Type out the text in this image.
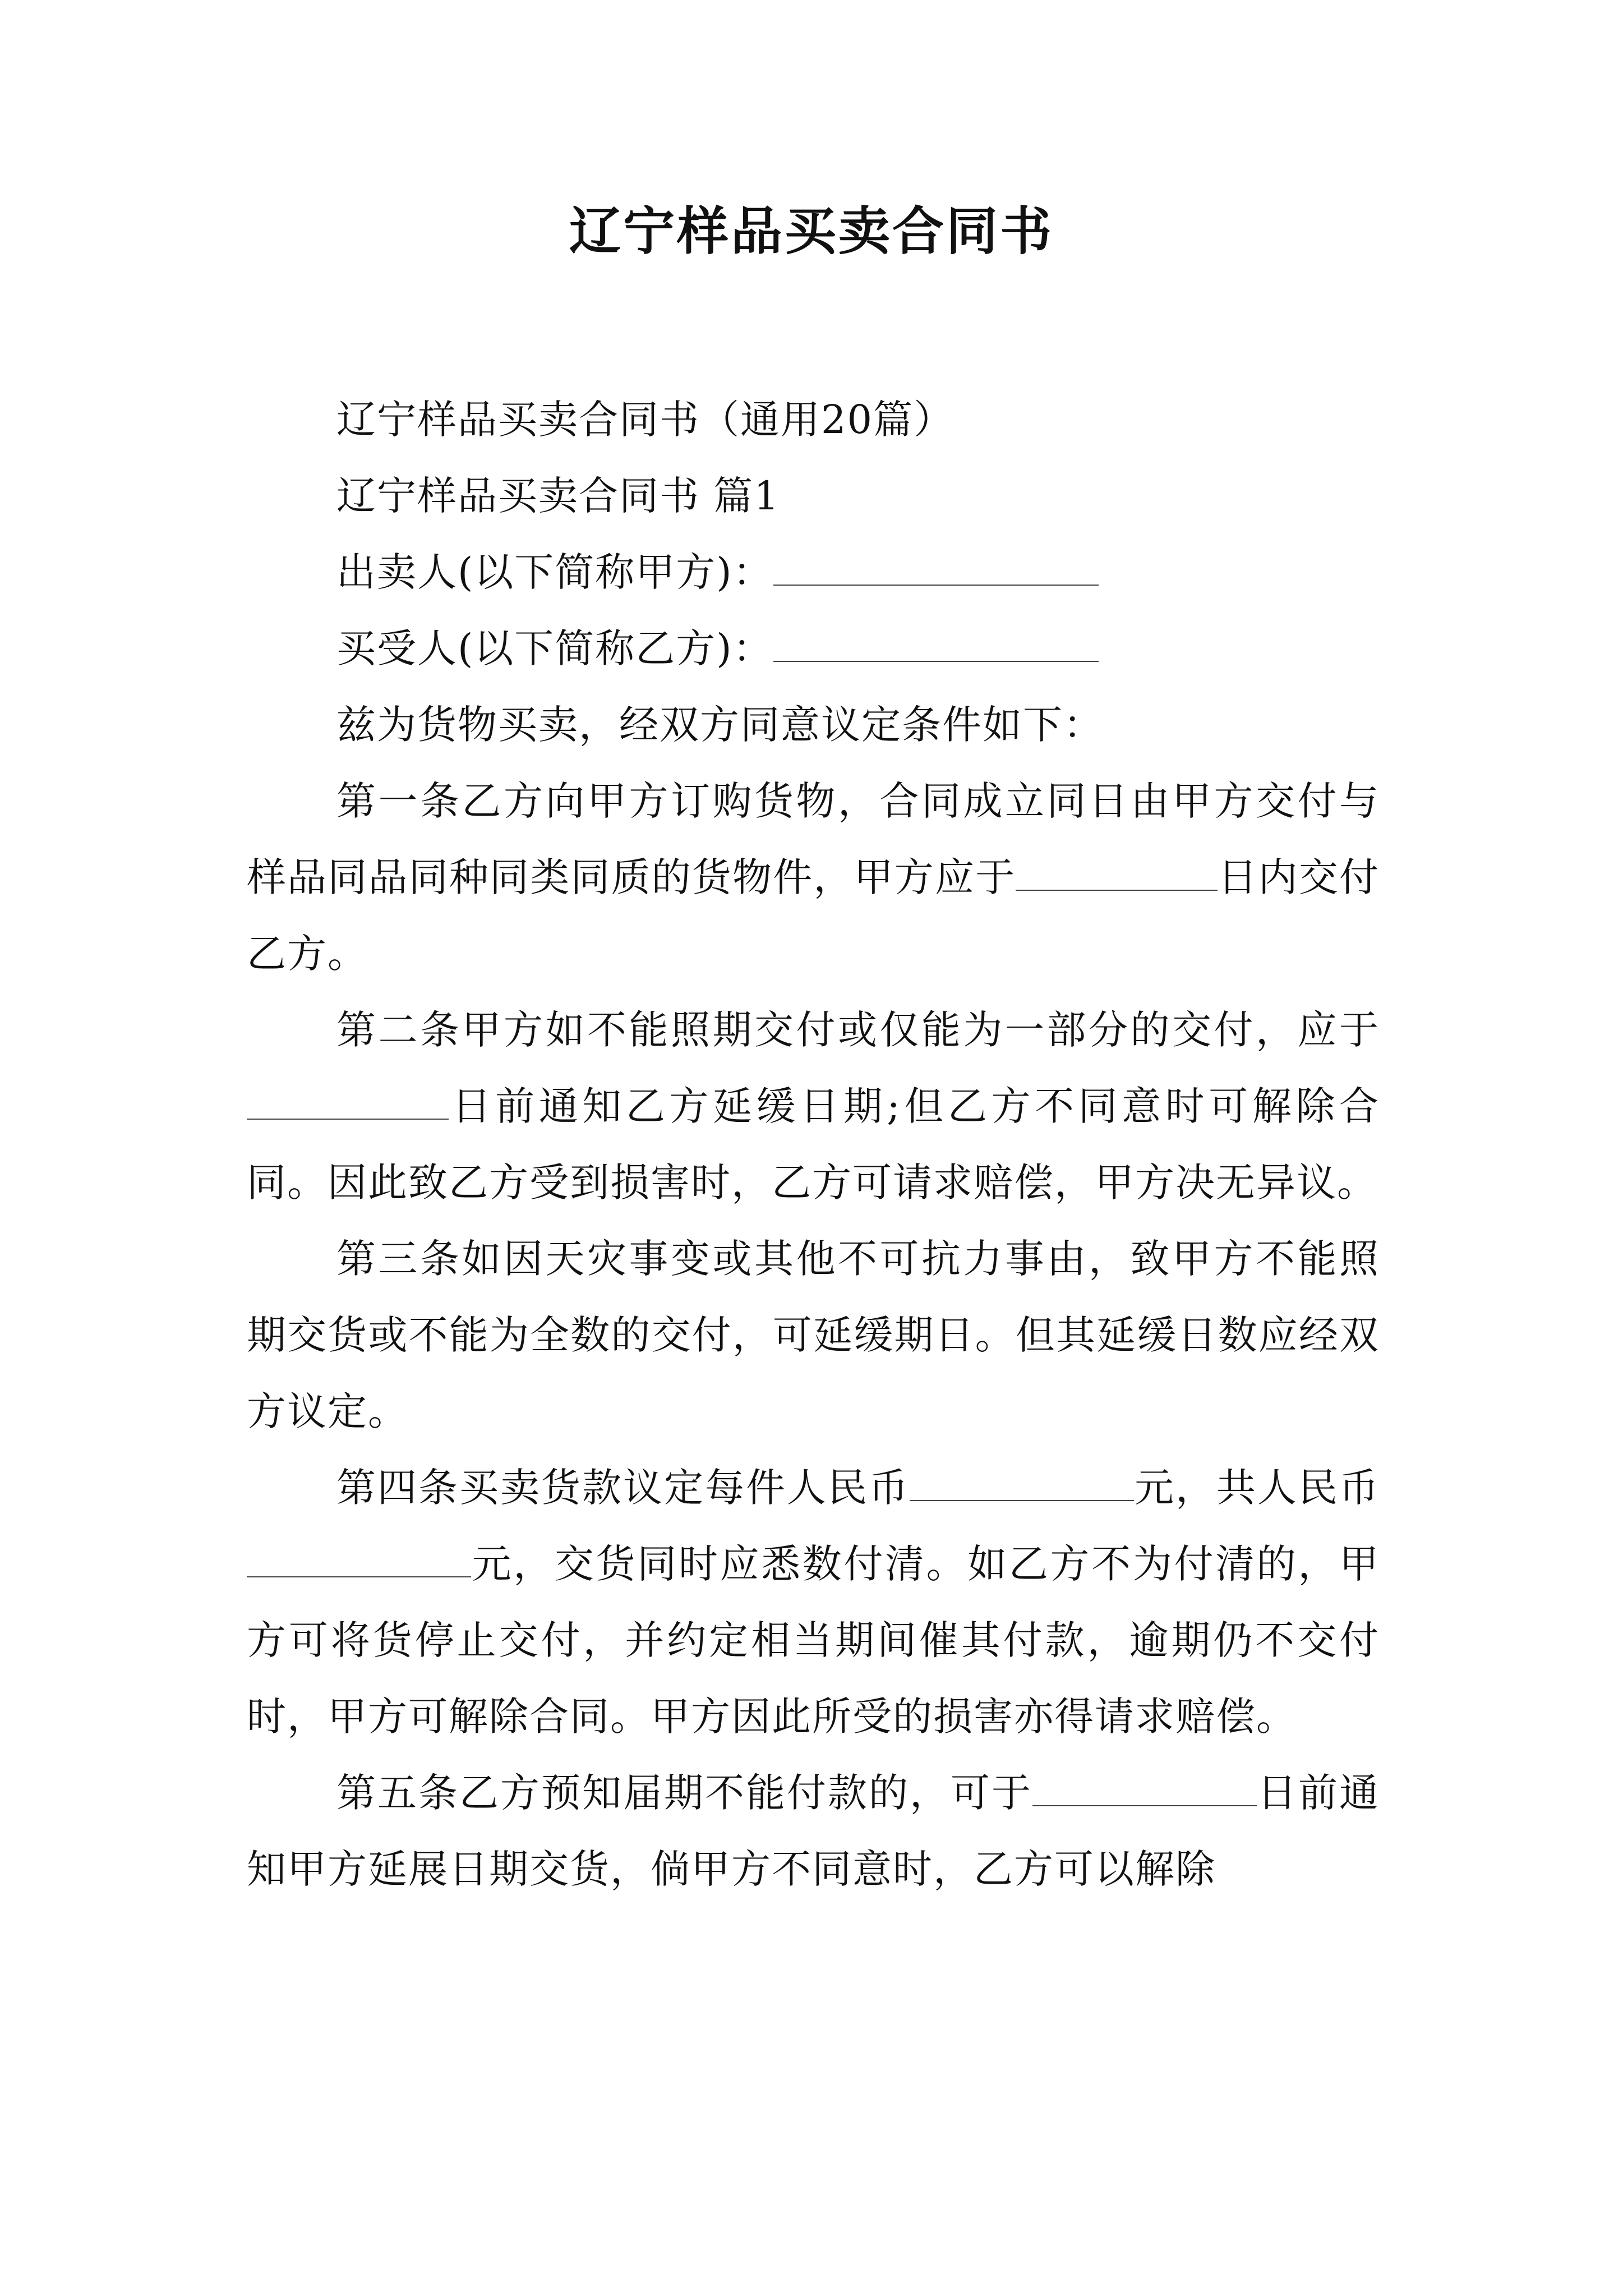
辽宁样品买卖合同书

辽宁样品买卖合同书（通用20篇）

辽宁样品买卖合同书 篇1

出卖人(以下简称甲方)：

买受人(以下简称乙方)：

兹为货物买卖，经双方同意议定条件如下：

第一条乙方向甲方订购货物，合同成立同日由甲方交付与样品同品同种同类同质的货物件，甲方应于	日内交付乙方。

第二条甲方如不能照期交付或仅能为一部分的交付，应于日前通知乙方延缓日期;但乙方不同意时可解除合同。因此致乙方受到损害时，乙方可请求赔偿，甲方决无异议。

第三条如因天灾事变或其他不可抗力事由，致甲方不能照期交货或不能为全数的交付，可延缓期日。但其延缓日数应经双方议定。

第四条买卖货款议定每件人民币	元，共人民币元，交货同时应悉数付清。如乙方不为付清的，甲方可将货停止交付，并约定相当期间催其付款，逾期仍不交付时，甲方可解除合同。甲方因此所受的损害亦得请求赔偿。

第五条乙方预知届期不能付款的，可于	日前通知甲方延展日期交货，倘甲方不同意时，乙方可以解除
